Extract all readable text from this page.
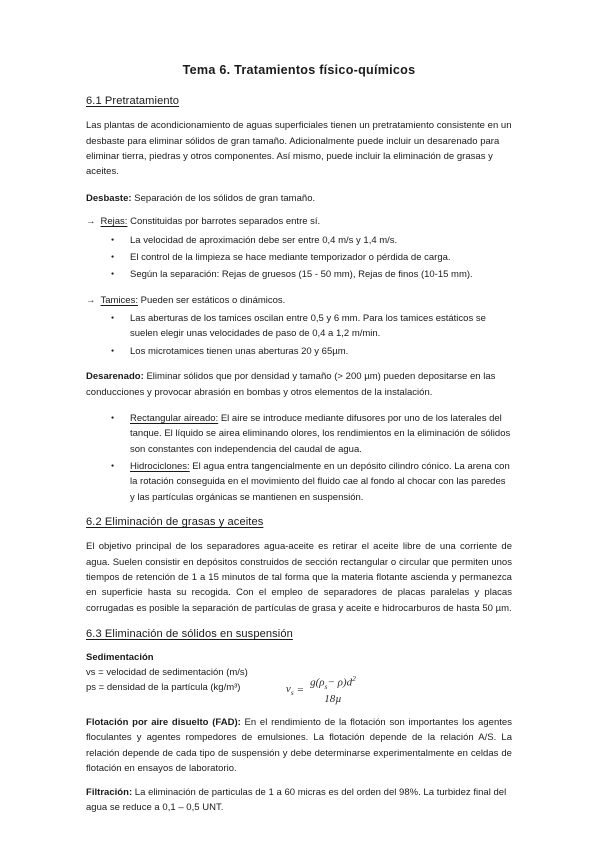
Tema 6. Tratamientos físico-químicos
6.1 Pretratamiento

Las plantas de acondicionamiento de aguas superficiales tienen un pretratamiento consistente en un desbaste para eliminar sólidos de gran tamaño. Adicionalmente puede incluir un desarenado para eliminar tierra, piedras y otros componentes. Así mismo, puede incluir la eliminación de grasas y aceites.

Desbaste: Separación de los sólidos de gran tamaño.

→ Rejas: Constituidas por barrotes separados entre sí.
● La velocidad de aproximación debe ser entre 0,4 m/s y 1,4 m/s.
● El control de la limpieza se hace mediante temporizador o pérdida de carga.
● Según la separación: Rejas de gruesos (15 - 50 mm), Rejas de finos (10-15 mm).
→ Tamices: Pueden ser estáticos o dinámicos.
● Las aberturas de los tamices oscilan entre 0,5 y 6 mm. Para los tamices estáticos se suelen elegir unas velocidades de paso de 0,4 a 1,2 m/min.
● Los microtamices tienen unas aberturas 20 y 65µm.

Desarenado: Eliminar sólidos que por densidad y tamaño (> 200 µm) pueden depositarse en las conducciones y provocar abrasión en bombas y otros elementos de la instalación.

● Rectangular aireado: El aire se introduce mediante difusores por uno de los laterales del tanque. El líquido se airea eliminando olores, los rendimientos en la eliminación de sólidos son constantes con independencia del caudal de agua.
● Hidrociclones: El agua entra tangencialmente en un depósito cilindro cónico. La arena con la rotación conseguida en el movimiento del fluido cae al fondo al chocar con las paredes y las partículas orgánicas se mantienen en suspensión.
6.2 Eliminación de grasas y aceites

El objetivo principal de los separadores agua-aceite es retirar el aceite libre de una corriente de agua. Suelen consistir en depósitos construidos de sección rectangular o circular que permiten unos tiempos de retención de 1 a 15 minutos de tal forma que la materia flotante ascienda y permanezca en superficie hasta su recogida. Con el empleo de separadores de placas paralelas y placas corrugadas es posible la separación de partículas de grasa y aceite e hidrocarburos de hasta 50 µm.

6.3 Eliminación de sólidos en suspensión
Sedimentación
vs = velocidad de sedimentación (m/s)
ps = densidad de la partícula (kg/m³)	$v_s$ =
$g(\rho_s- \rho)d^2$
18µ

Flotación por aire disuelto (FAD): En el rendimiento de la flotación son importantes los agentes floculantes y agentes rompedores de emulsiones. La flotación depende de la relación A/S. La relación depende de cada tipo de suspensión y debe determinarse experimentalmente en celdas de flotación en ensayos de laboratorio.

Filtración: La eliminación de particulas de 1 a 60 micras es del orden del 98%. La turbidez final del agua se reduce a 0,1 – 0,5 UNT.
